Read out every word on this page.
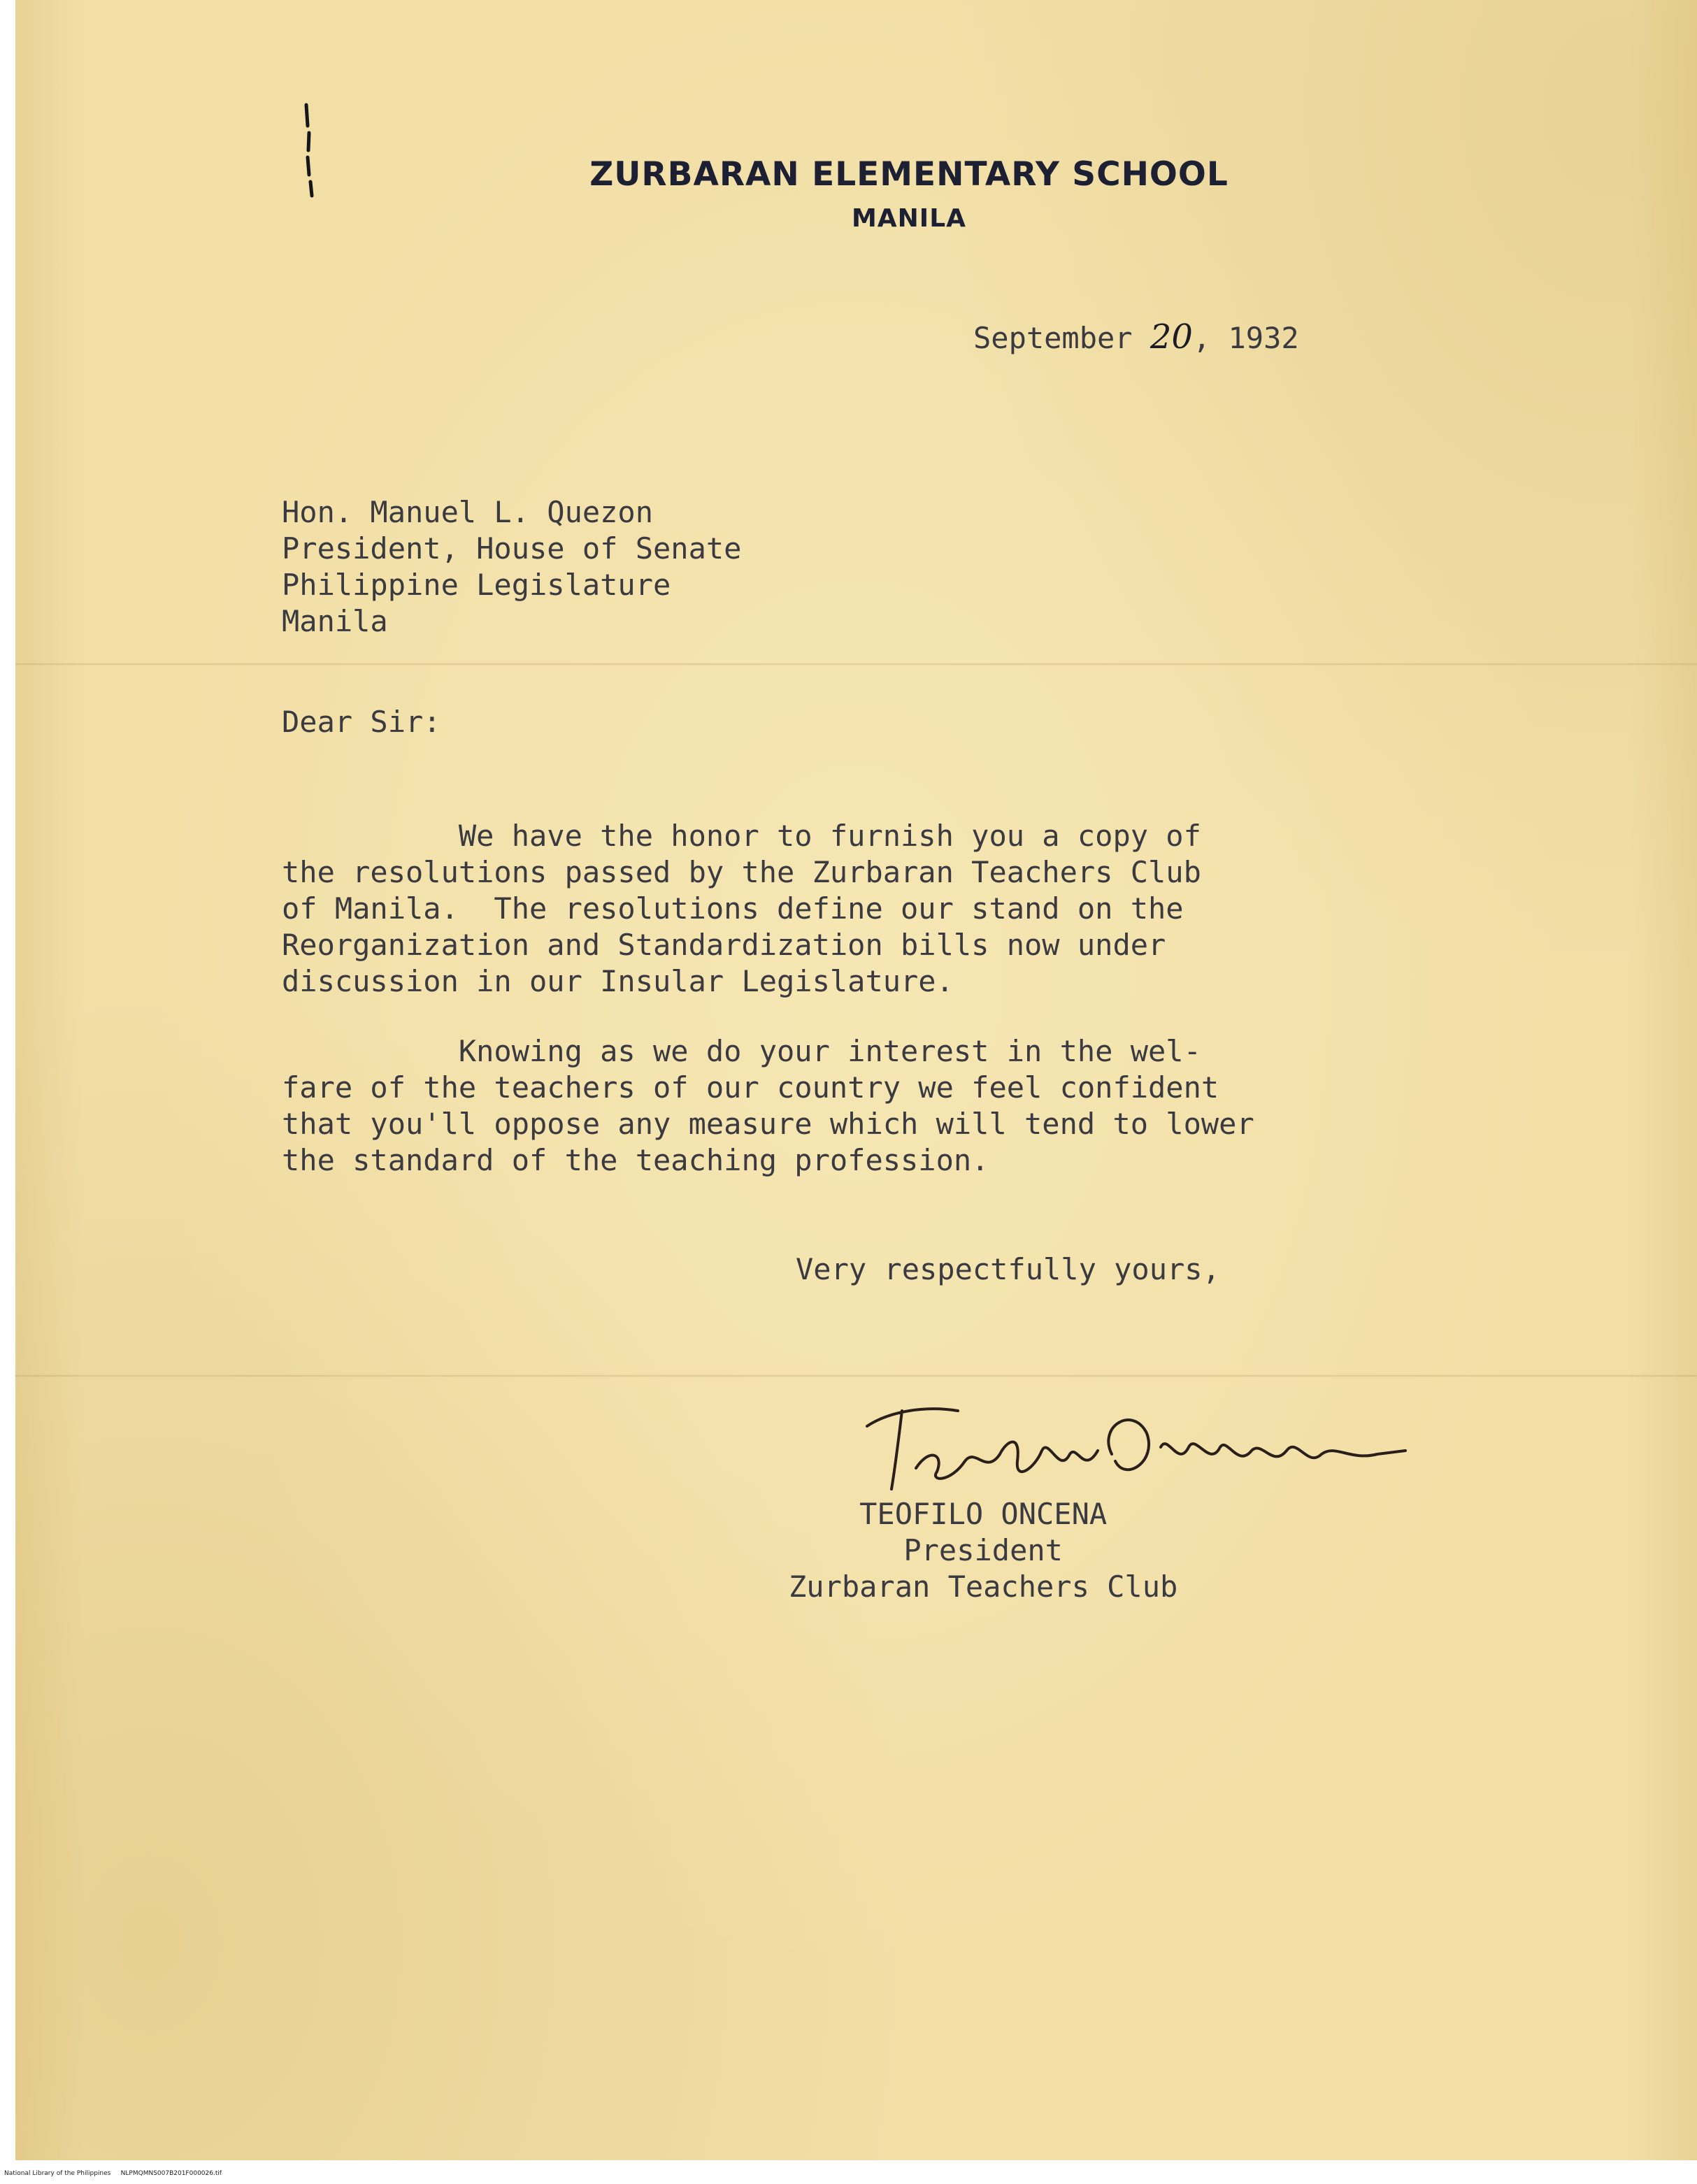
ZURBARAN ELEMENTARY SCHOOL
MANILA
September 20, 1932
Hon. Manuel L. Quezon
President, House of Senate
Philippine Legislature
Manila
Dear Sir:
We have the honor to furnish you a copy of
the resolutions passed by the Zurbaran Teachers Club
of Manila.  The resolutions define our stand on the
Reorganization and Standardization bills now under
discussion in our Insular Legislature.
Knowing as we do your interest in the wel-
fare of the teachers of our country we feel confident
that you'll oppose any measure which will tend to lower
the standard of the teaching profession.
Very respectfully yours,
TEOFILO ONCENA
President
Zurbaran Teachers Club
National Library of the Philippines NLPMQMNS007B201F000026.tif
